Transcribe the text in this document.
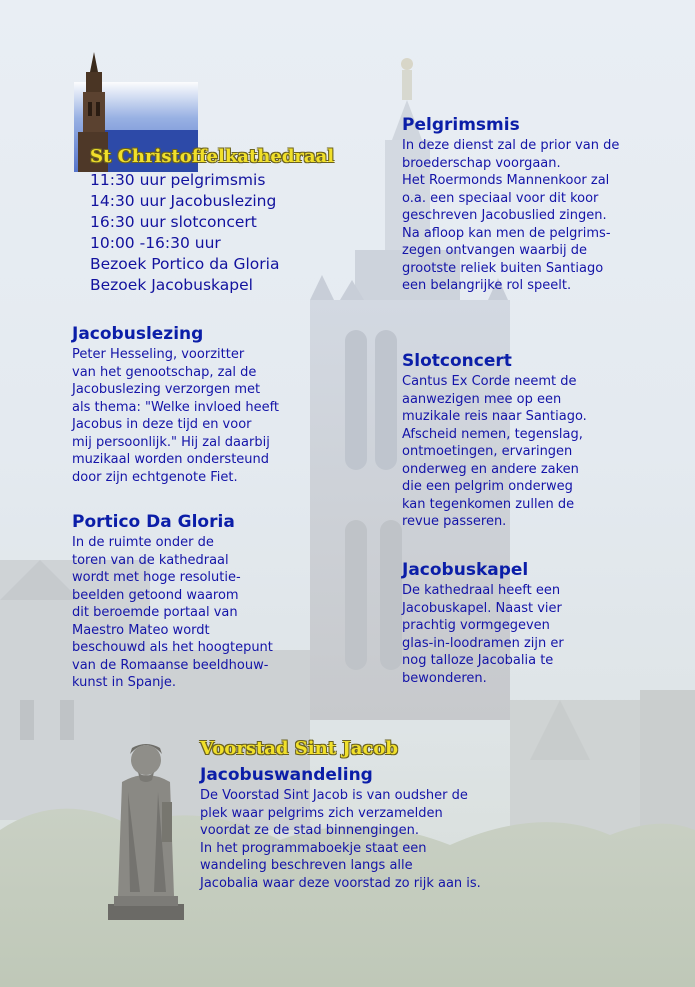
St Christoffelkathedraal

11:30 uur pelgrimsmis

14:30 uur Jacobuslezing

16:30 uur slotconcert

10:00 -16:30 uur

Bezoek Portico da Gloria

Bezoek Jacobuskapel

Jacobuslezing

Peter Hesseling, voorzitter

van het genootschap, zal de

Jacobuslezing verzorgen met

als thema: "Welke invloed heeft

Jacobus in deze tijd en voor

mij persoonlijk." Hij zal daarbij

muzikaal worden ondersteund

door zijn echtgenote Fiet.

Portico Da Gloria

In de ruimte onder de

toren van de kathedraal

wordt met hoge resolutie-

beelden getoond waarom

dit beroemde portaal van

Maestro Mateo wordt

beschouwd als het hoogtepunt

van de Romaanse beeldhouw-

kunst in Spanje.

Pelgrimsmis

In deze dienst zal de prior van de

broederschap voorgaan.

Het Roermonds Mannenkoor zal

o.a. een speciaal voor dit koor

geschreven Jacobuslied zingen.

Na afloop kan men de pelgrims-

zegen ontvangen waarbij de

grootste reliek buiten Santiago

een belangrijke rol speelt.

Slotconcert

Cantus Ex Corde neemt de

aanwezigen mee op een

muzikale reis naar Santiago.

Afscheid nemen, tegenslag,

ontmoetingen, ervaringen

onderweg en andere zaken

die een pelgrim onderweg

kan tegenkomen zullen de

revue passeren.

Jacobuskapel

De kathedraal heeft een

Jacobuskapel. Naast vier

prachtig vormgegeven

glas-in-loodramen zijn er

nog talloze Jacobalia te

bewonderen.

Voorstad Sint Jacob
Jacobuswandeling

De Voorstad Sint Jacob is van oudsher de

plek waar pelgrims zich verzamelden

voordat ze de stad binnengingen.

In het programmaboekje staat een

wandeling beschreven langs alle

Jacobalia waar deze voorstad zo rijk aan is.
